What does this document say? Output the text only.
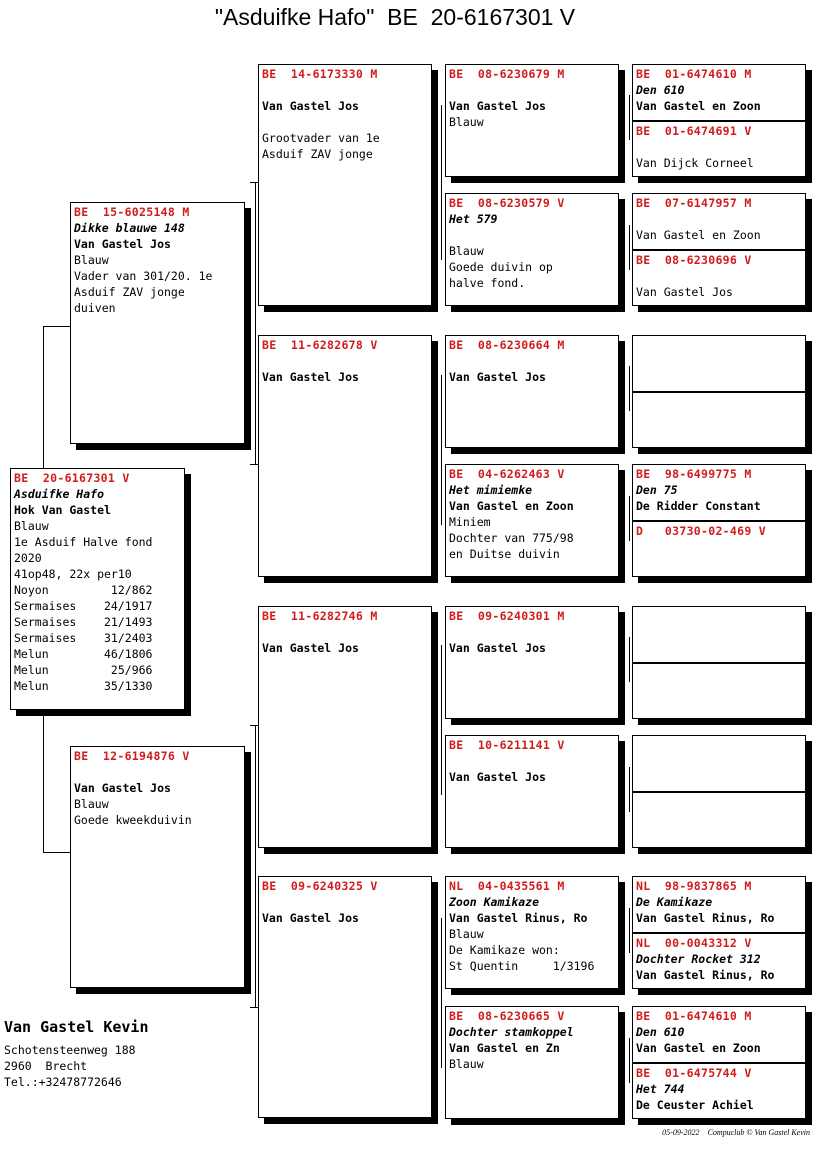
"Asduifke Hafo"  BE  20-6167301 V
BE  20-6167301 V
Asduifke Hafo
Hok Van Gastel
Blauw
1e Asduif Halve fond
2020
41op48, 22x per10
Noyon         12/862
Sermaises    24/1917
Sermaises    21/1493
Sermaises    31/2403
Melun        46/1806
Melun         25/966
Melun        35/1330
BE  15-6025148 M
Dikke blauwe 148
Van Gastel Jos
Blauw
Vader van 301/20. 1e
Asduif ZAV jonge
duiven
BE  12-6194876 V
Van Gastel Jos
Blauw
Goede kweekduivin
BE  14-6173330 M
Van Gastel Jos
Grootvader van 1e
Asduif ZAV jonge
BE  11-6282678 V
Van Gastel Jos
BE  11-6282746 M
Van Gastel Jos
BE  09-6240325 V
Van Gastel Jos
BE  08-6230679 M
Van Gastel Jos
Blauw
BE  08-6230579 V
Het 579
Blauw
Goede duivin op
halve fond.
BE  08-6230664 M
Van Gastel Jos
BE  04-6262463 V
Het mimiemke
Van Gastel en Zoon
Miniem
Dochter van 775/98
en Duitse duivin
BE  09-6240301 M
Van Gastel Jos
BE  10-6211141 V
Van Gastel Jos
NL  04-0435561 M
Zoon Kamikaze
Van Gastel Rinus, Ro
Blauw
De Kamikaze won:
St Quentin     1/3196
BE  08-6230665 V
Dochter stamkoppel
Van Gastel en Zn
Blauw
BE  01-6474610 M
Den 610
Van Gastel en Zoon
BE  01-6474691 V
Van Dijck Corneel
BE  07-6147957 M
Van Gastel en Zoon
BE  08-6230696 V
Van Gastel Jos
BE  98-6499775 M
Den 75
De Ridder Constant
D   03730-02-469 V
NL  98-9837865 M
De Kamikaze
Van Gastel Rinus, Ro
NL  00-0043312 V
Dochter Rocket 312
Van Gastel Rinus, Ro
BE  01-6474610 M
Den 610
Van Gastel en Zoon
BE  01-6475744 V
Het 744
De Ceuster Achiel
Van Gastel Kevin
Schotensteenweg 188
2960  Brecht
Tel.:+32478772646
05-09-2022    Compuclub © Van Gastel Kevin
